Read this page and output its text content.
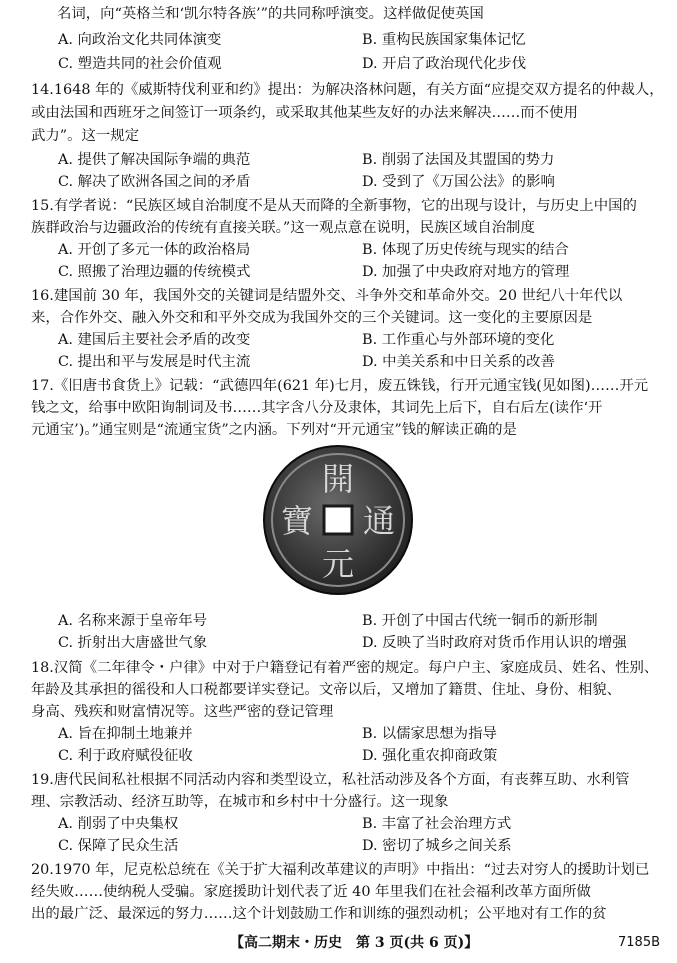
名词，向“英格兰和‘凯尔特各族’”的共同称呼演变。这样做促使英国
A. 向政治文化共同体演变	B. 重构民族国家集体记忆
C. 塑造共同的社会价值观	D. 开启了政治现代化步伐
14.1648 年的《威斯特伐利亚和约》提出：为解决洛林问题，有关方面“应提交双方提名的仲裁人，
或由法国和西班牙之间签订一项条约，或采取其他某些友好的办法来解决……而不使用
武力”。这一规定
A. 提供了解决国际争端的典范	B. 削弱了法国及其盟国的势力
C. 解决了欧洲各国之间的矛盾	D. 受到了《万国公法》的影响
15.有学者说：“民族区域自治制度不是从天而降的全新事物，它的出现与设计，与历史上中国的
族群政治与边疆政治的传统有直接关联。”这一观点意在说明，民族区域自治制度
A. 开创了多元一体的政治格局	B. 体现了历史传统与现实的结合
C. 照搬了治理边疆的传统模式	D. 加强了中央政府对地方的管理
16.建国前 30 年，我国外交的关键词是结盟外交、斗争外交和革命外交。20 世纪八十年代以
来，合作外交、融入外交和和平外交成为我国外交的三个关键词。这一变化的主要原因是
A. 建国后主要社会矛盾的改变	B. 工作重心与外部环境的变化
C. 提出和平与发展是时代主流	D. 中美关系和中日关系的改善
17.《旧唐书食货上》记载：“武德四年(621 年)七月，废五铢钱，行开元通宝钱(见如图)……开元
钱之文，给事中欧阳询制词及书……其字含八分及隶体，其词先上后下，自右后左(读作‘开
元通宝’)。”通宝则是“流通宝货”之内涵。下列对“开元通宝”钱的解读正确的是
開
元
通
寶
A. 名称来源于皇帝年号	B. 开创了中国古代统一铜币的新形制
C. 折射出大唐盛世气象	D. 反映了当时政府对货币作用认识的增强
18.汉简《二年律令・户律》中对于户籍登记有着严密的规定。每户户主、家庭成员、姓名、性别、
年龄及其承担的徭役和人口税都要详实登记。文帝以后，又增加了籍贯、住址、身份、相貌、
身高、残疾和财富情况等。这些严密的登记管理
A. 旨在抑制土地兼并	B. 以儒家思想为指导
C. 利于政府赋役征收	D. 强化重农抑商政策
19.唐代民间私社根据不同活动内容和类型设立，私社活动涉及各个方面，有丧葬互助、水利管
理、宗教活动、经济互助等，在城市和乡村中十分盛行。这一现象
A. 削弱了中央集权	B. 丰富了社会治理方式
C. 保障了民众生活	D. 密切了城乡之间关系
20.1970 年，尼克松总统在《关于扩大福利改革建议的声明》中指出：“过去对穷人的援助计划已
经失败……使纳税人受骗。家庭援助计划代表了近 40 年里我们在社会福利改革方面所做
出的最广泛、最深远的努力……这个计划鼓励工作和训练的强烈动机；公平地对有工作的贫
【高二期末・历史　第 3 页(共 6 页)】	7185B
